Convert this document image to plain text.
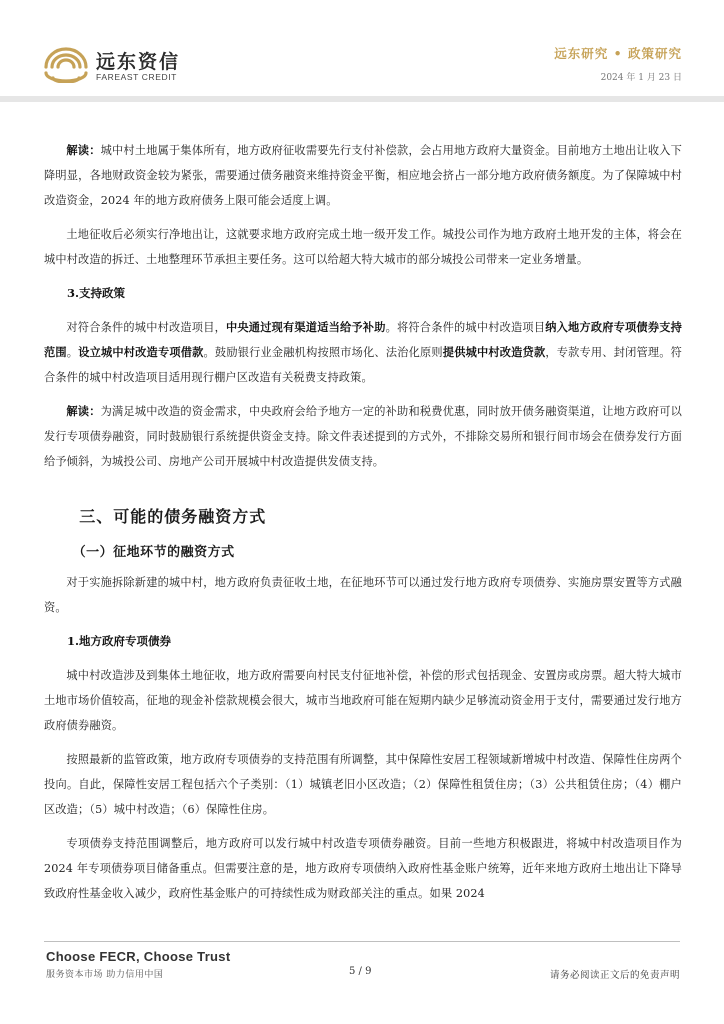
远东资信
FAREAST CREDIT
远东研究 • 政策研究
2024 年 1 月 23 日

解读：城中村土地属于集体所有，地方政府征收需要先行支付补偿款，会占用地方政府大量资金。目前地方土地出让收入下降明显，各地财政资金较为紧张，需要通过债务融资来维持资金平衡，相应地会挤占一部分地方政府债务额度。为了保障城中村改造资金，2024 年的地方政府债务上限可能会适度上调。

土地征收后必须实行净地出让，这就要求地方政府完成土地一级开发工作。城投公司作为地方政府土地开发的主体，将会在城中村改造的拆迁、土地整理环节承担主要任务。这可以给超大特大城市的部分城投公司带来一定业务增量。

3.支持政策

对符合条件的城中村改造项目，中央通过现有渠道适当给予补助。将符合条件的城中村改造项目纳入地方政府专项债券支持范围。设立城中村改造专项借款。鼓励银行业金融机构按照市场化、法治化原则提供城中村改造贷款，专款专用、封闭管理。符合条件的城中村改造项目适用现行棚户区改造有关税费支持政策。

解读：为满足城中改造的资金需求，中央政府会给予地方一定的补助和税费优惠，同时放开债务融资渠道，让地方政府可以发行专项债券融资，同时鼓励银行系统提供资金支持。除文件表述提到的方式外，不排除交易所和银行间市场会在债券发行方面给予倾斜，为城投公司、房地产公司开展城中村改造提供发债支持。

三、可能的债务融资方式
（一）征地环节的融资方式

对于实施拆除新建的城中村，地方政府负责征收土地，在征地环节可以通过发行地方政府专项债券、实施房票安置等方式融资。

1.地方政府专项债券

城中村改造涉及到集体土地征收，地方政府需要向村民支付征地补偿，补偿的形式包括现金、安置房或房票。超大特大城市土地市场价值较高，征地的现金补偿款规模会很大，城市当地政府可能在短期内缺少足够流动资金用于支付，需要通过发行地方政府债券融资。

按照最新的监管政策，地方政府专项债券的支持范围有所调整，其中保障性安居工程领域新增城中村改造、保障性住房两个投向。自此，保障性安居工程包括六个子类别：（1）城镇老旧小区改造；（2）保障性租赁住房；（3）公共租赁住房；（4）棚户区改造；（5）城中村改造；（6）保障性住房。

专项债券支持范围调整后，地方政府可以发行城中村改造专项债券融资。目前一些地方积极跟进，将城中村改造项目作为 2024 年专项债券项目储备重点。但需要注意的是，地方政府专项债纳入政府性基金账户统筹，近年来地方政府土地出让下降导致政府性基金收入减少，政府性基金账户的可持续性成为财政部关注的重点。如果 2024

Choose FECR, Choose Trust
服务资本市场 助力信用中国	5 / 9	请务必阅读正文后的免责声明
